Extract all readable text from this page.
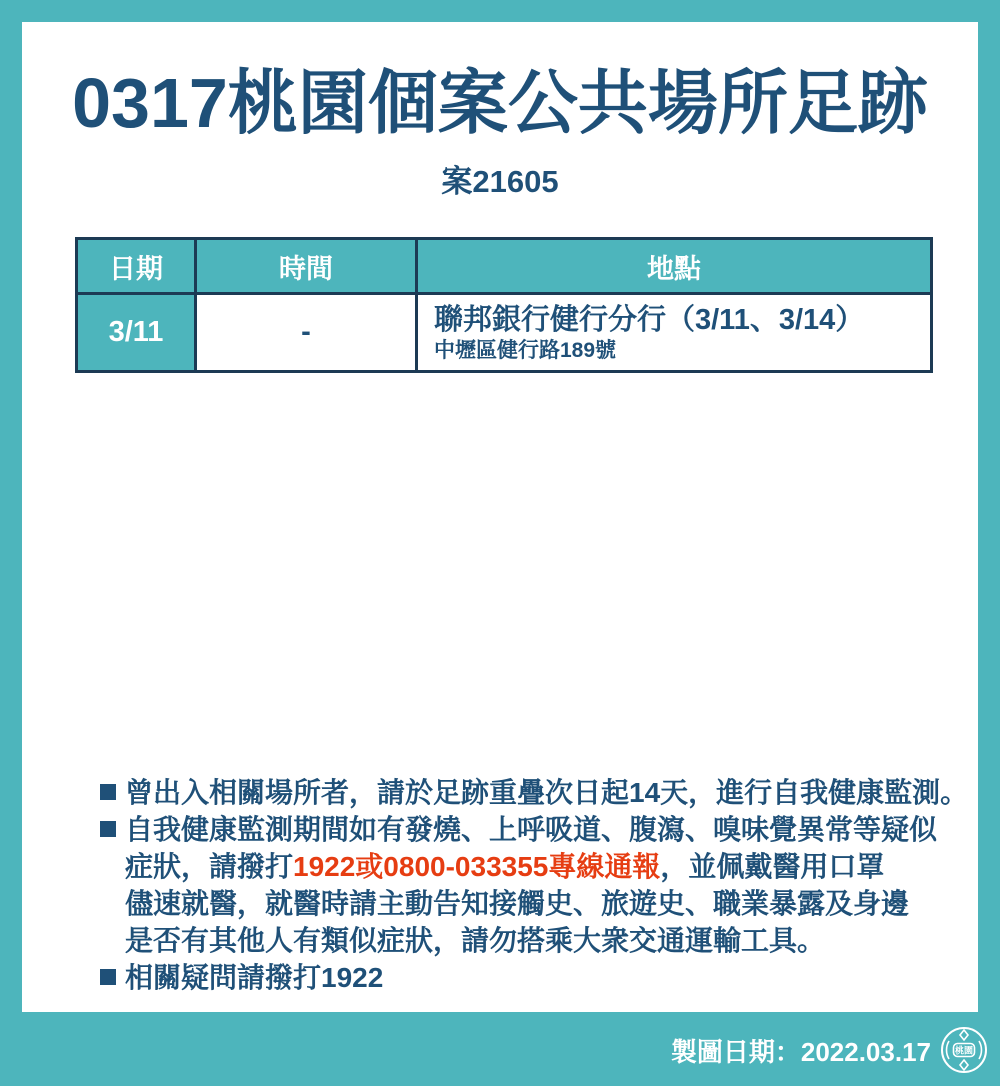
0317桃園個案公共場所足跡
案21605
日期	時間	地點
3/11	-	聯邦銀行健行分行（3/11、3/14）
中壢區健行路189號
曾出入相關場所者，請於足跡重疊次日起14天，進行自我健康監測。
自我健康監測期間如有發燒、上呼吸道、腹瀉、嗅味覺異常等疑似
症狀，請撥打1922或0800-033355專線通報，並佩戴醫用口罩
儘速就醫，就醫時請主動告知接觸史、旅遊史、職業暴露及身邊
是否有其他人有類似症狀，請勿搭乘大衆交通運輸工具。
相關疑問請撥打1922
製圖日期：2022.03.17	桃園
